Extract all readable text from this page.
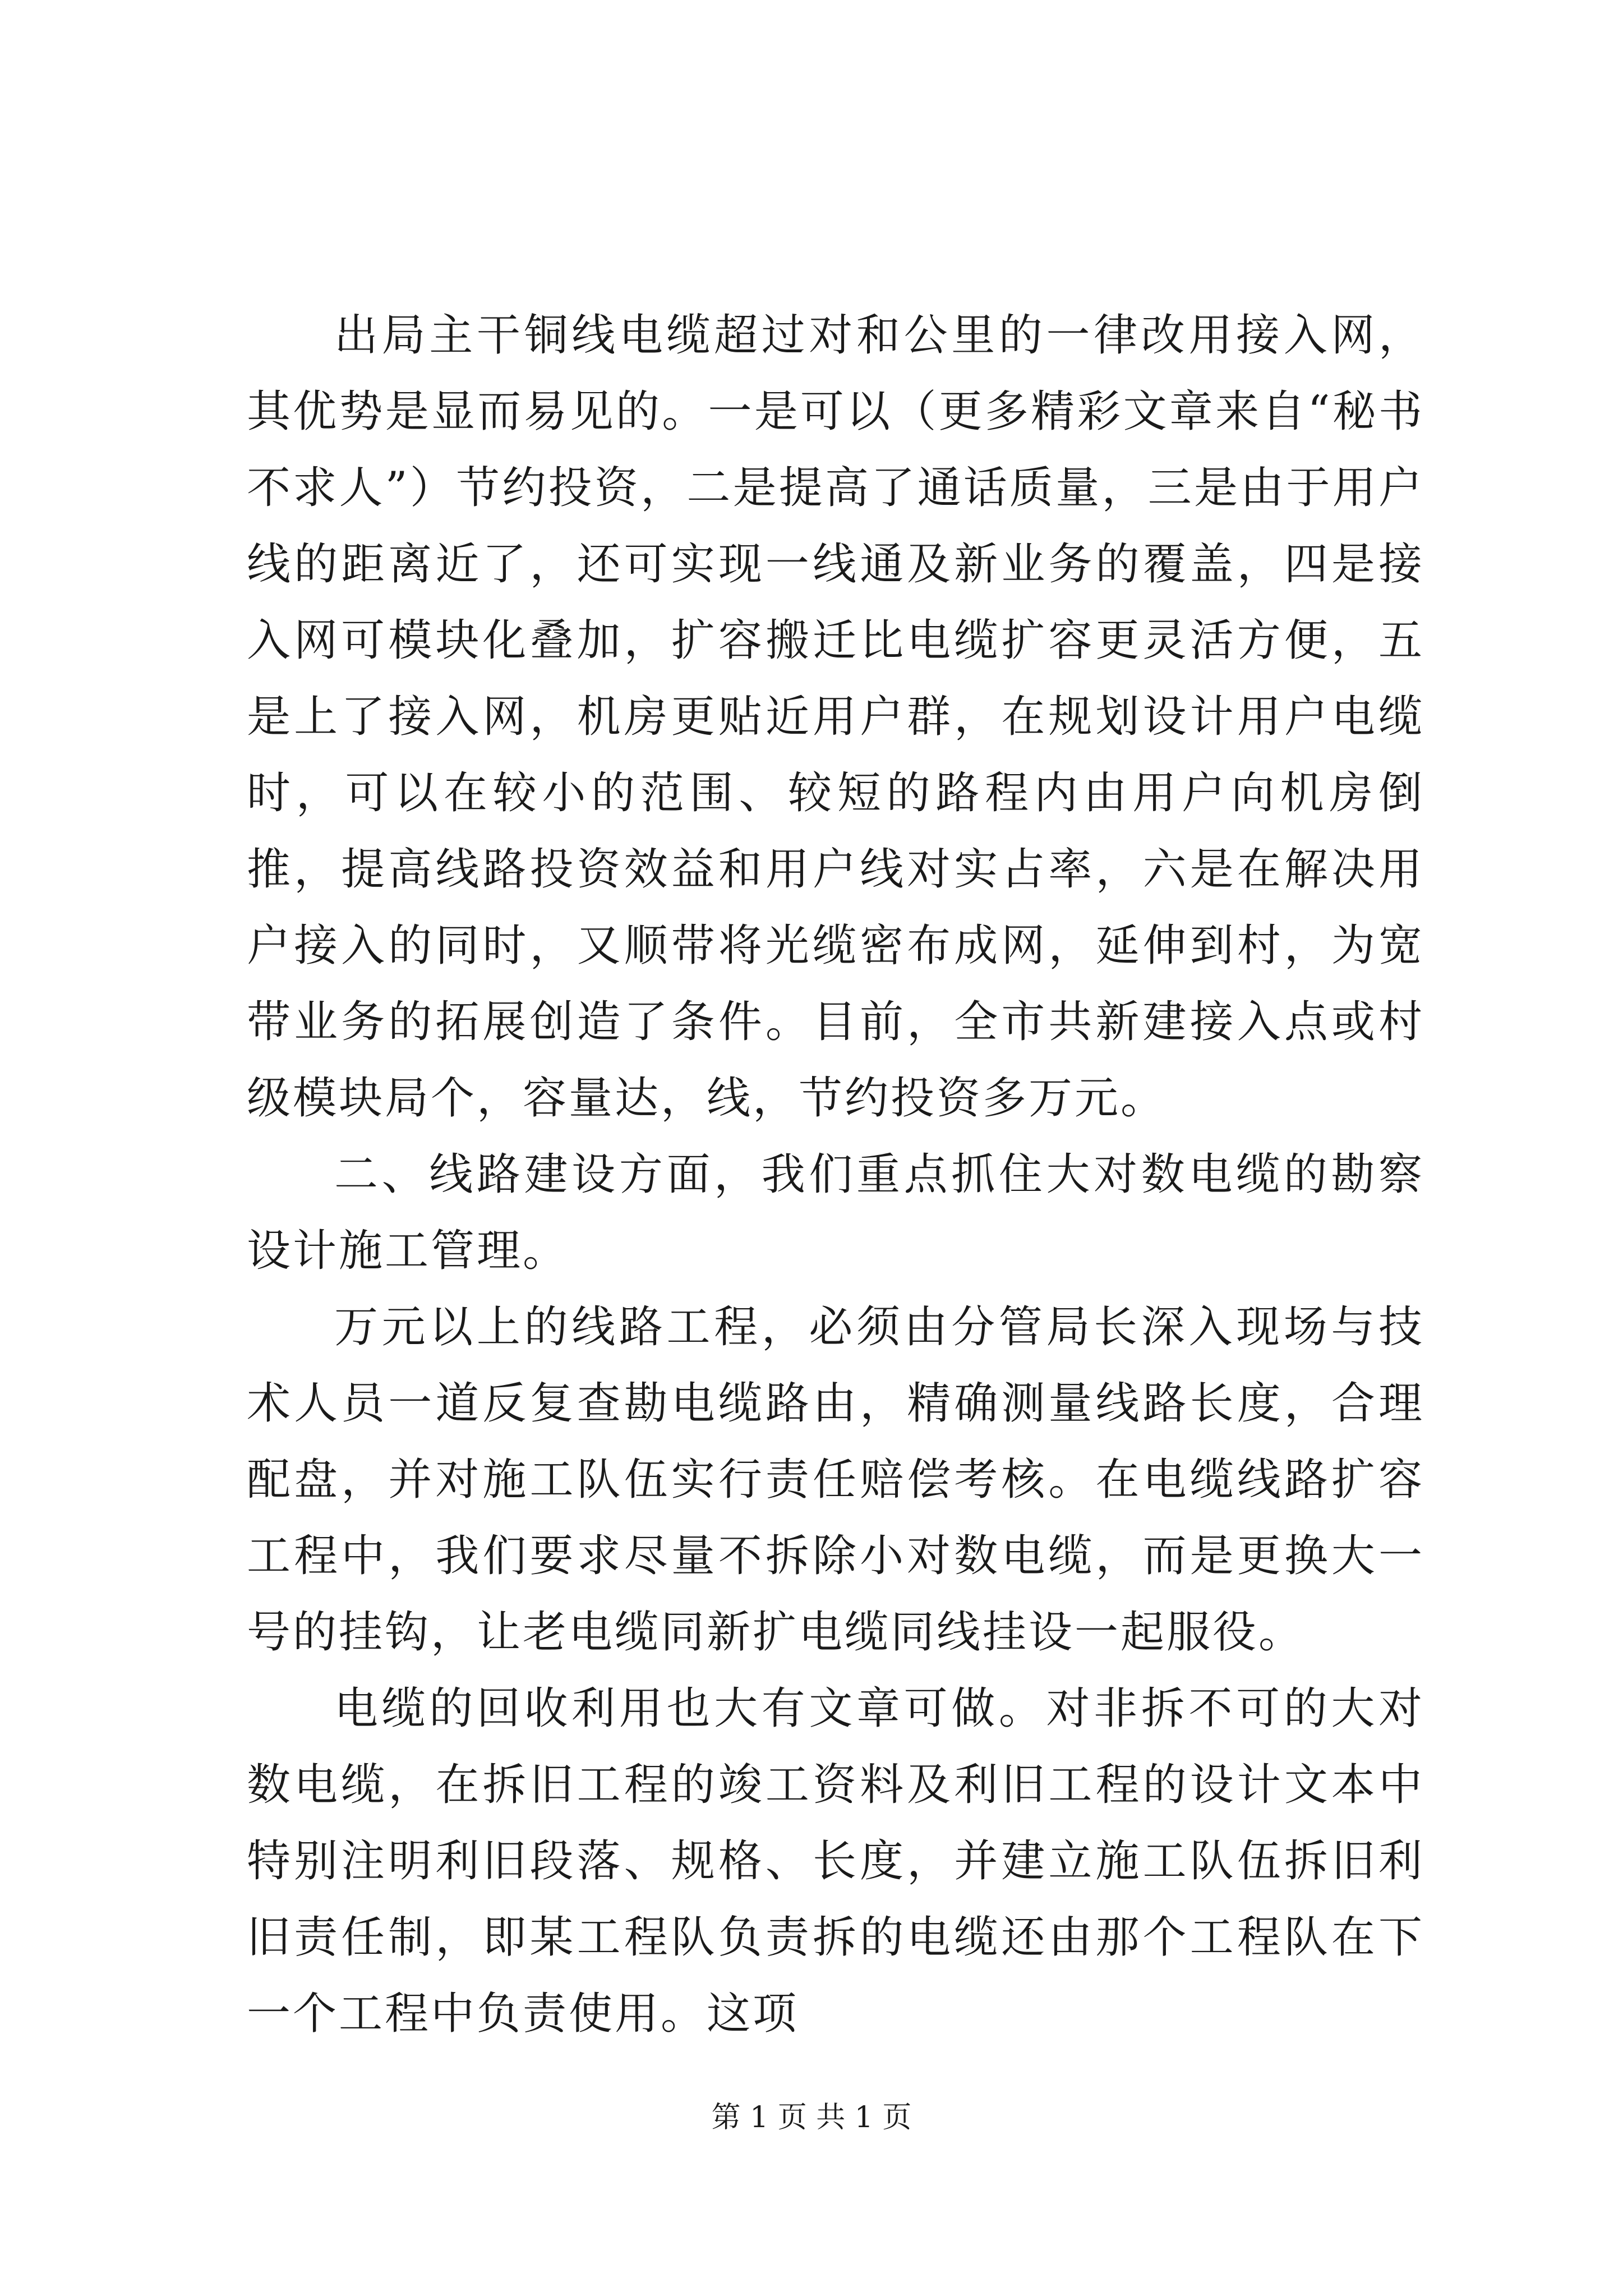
出局主干铜线电缆超过对和公里的一律改用接入网，其优势是显而易见的。一是可以（更多精彩文章来自“秘书不求人”）节约投资，二是提高了通话质量，三是由于用户线的距离近了，还可实现一线通及新业务的覆盖，四是接入网可模块化叠加，扩容搬迁比电缆扩容更灵活方便，五是上了接入网，机房更贴近用户群，在规划设计用户电缆时，可以在较小的范围、较短的路程内由用户向机房倒推，提高线路投资效益和用户线对实占率，六是在解决用户接入的同时，又顺带将光缆密布成网，延伸到村，为宽带业务的拓展创造了条件。目前，全市共新建接入点或村级模块局个，容量达，线，节约投资多万元。

二、线路建设方面，我们重点抓住大对数电缆的勘察设计施工管理。

万元以上的线路工程，必须由分管局长深入现场与技术人员一道反复查勘电缆路由，精确测量线路长度，合理配盘，并对施工队伍实行责任赔偿考核。在电缆线路扩容工程中，我们要求尽量不拆除小对数电缆，而是更换大一号的挂钩，让老电缆同新扩电缆同线挂设一起服役。

电缆的回收利用也大有文章可做。对非拆不可的大对数电缆，在拆旧工程的竣工资料及利旧工程的设计文本中特别注明利旧段落、规格、长度，并建立施工队伍拆旧利旧责任制，即某工程队负责拆的电缆还由那个工程队在下一个工程中负责使用。这项

第 1 页 共 1 页
